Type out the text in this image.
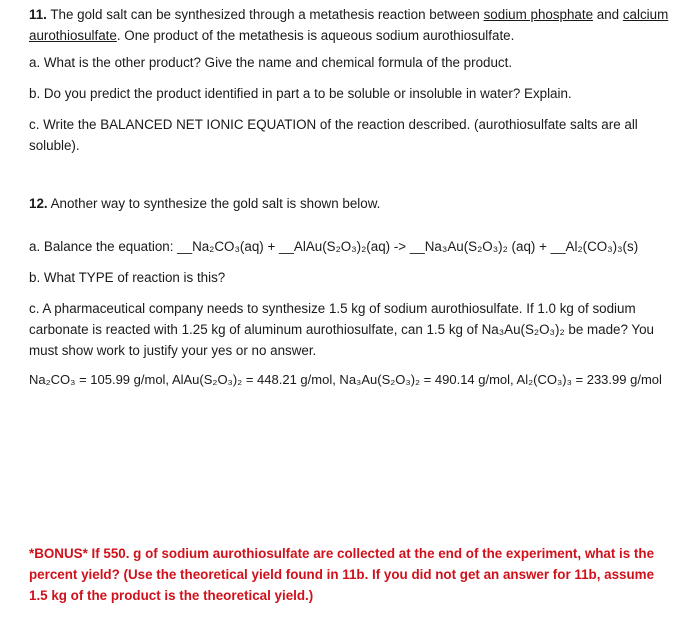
11. The gold salt can be synthesized through a metathesis reaction between sodium phosphate and calcium aurothiosulfate. One product of the metathesis is aqueous sodium aurothiosulfate.

a. What is the other product? Give the name and chemical formula of the product.

b. Do you predict the product identified in part a to be soluble or insoluble in water? Explain.

c. Write the BALANCED NET IONIC EQUATION of the reaction described. (aurothiosulfate salts are all soluble).

12. Another way to synthesize the gold salt is shown below.

a. Balance the equation: __Na₂CO₃(aq) + __AlAu(S₂O₃)₂(aq) -> __Na₃Au(S₂O₃)₂ (aq) + __Al₂(CO₃)₃(s)

b. What TYPE of reaction is this?

c. A pharmaceutical company needs to synthesize 1.5 kg of sodium aurothiosulfate. If 1.0 kg of sodium carbonate is reacted with 1.25 kg of aluminum aurothiosulfate, can 1.5 kg of Na₃Au(S₂O₃)₂ be made? You must show work to justify your yes or no answer.

Na₂CO₃ = 105.99 g/mol, AlAu(S₂O₃)₂ = 448.21 g/mol, Na₃Au(S₂O₃)₂ = 490.14 g/mol, Al₂(CO₃)₃ = 233.99 g/mol

*BONUS* If 550. g of sodium aurothiosulfate are collected at the end of the experiment, what is the percent yield? (Use the theoretical yield found in 11b. If you did not get an answer for 11b, assume 1.5 kg of the product is the theoretical yield.)
